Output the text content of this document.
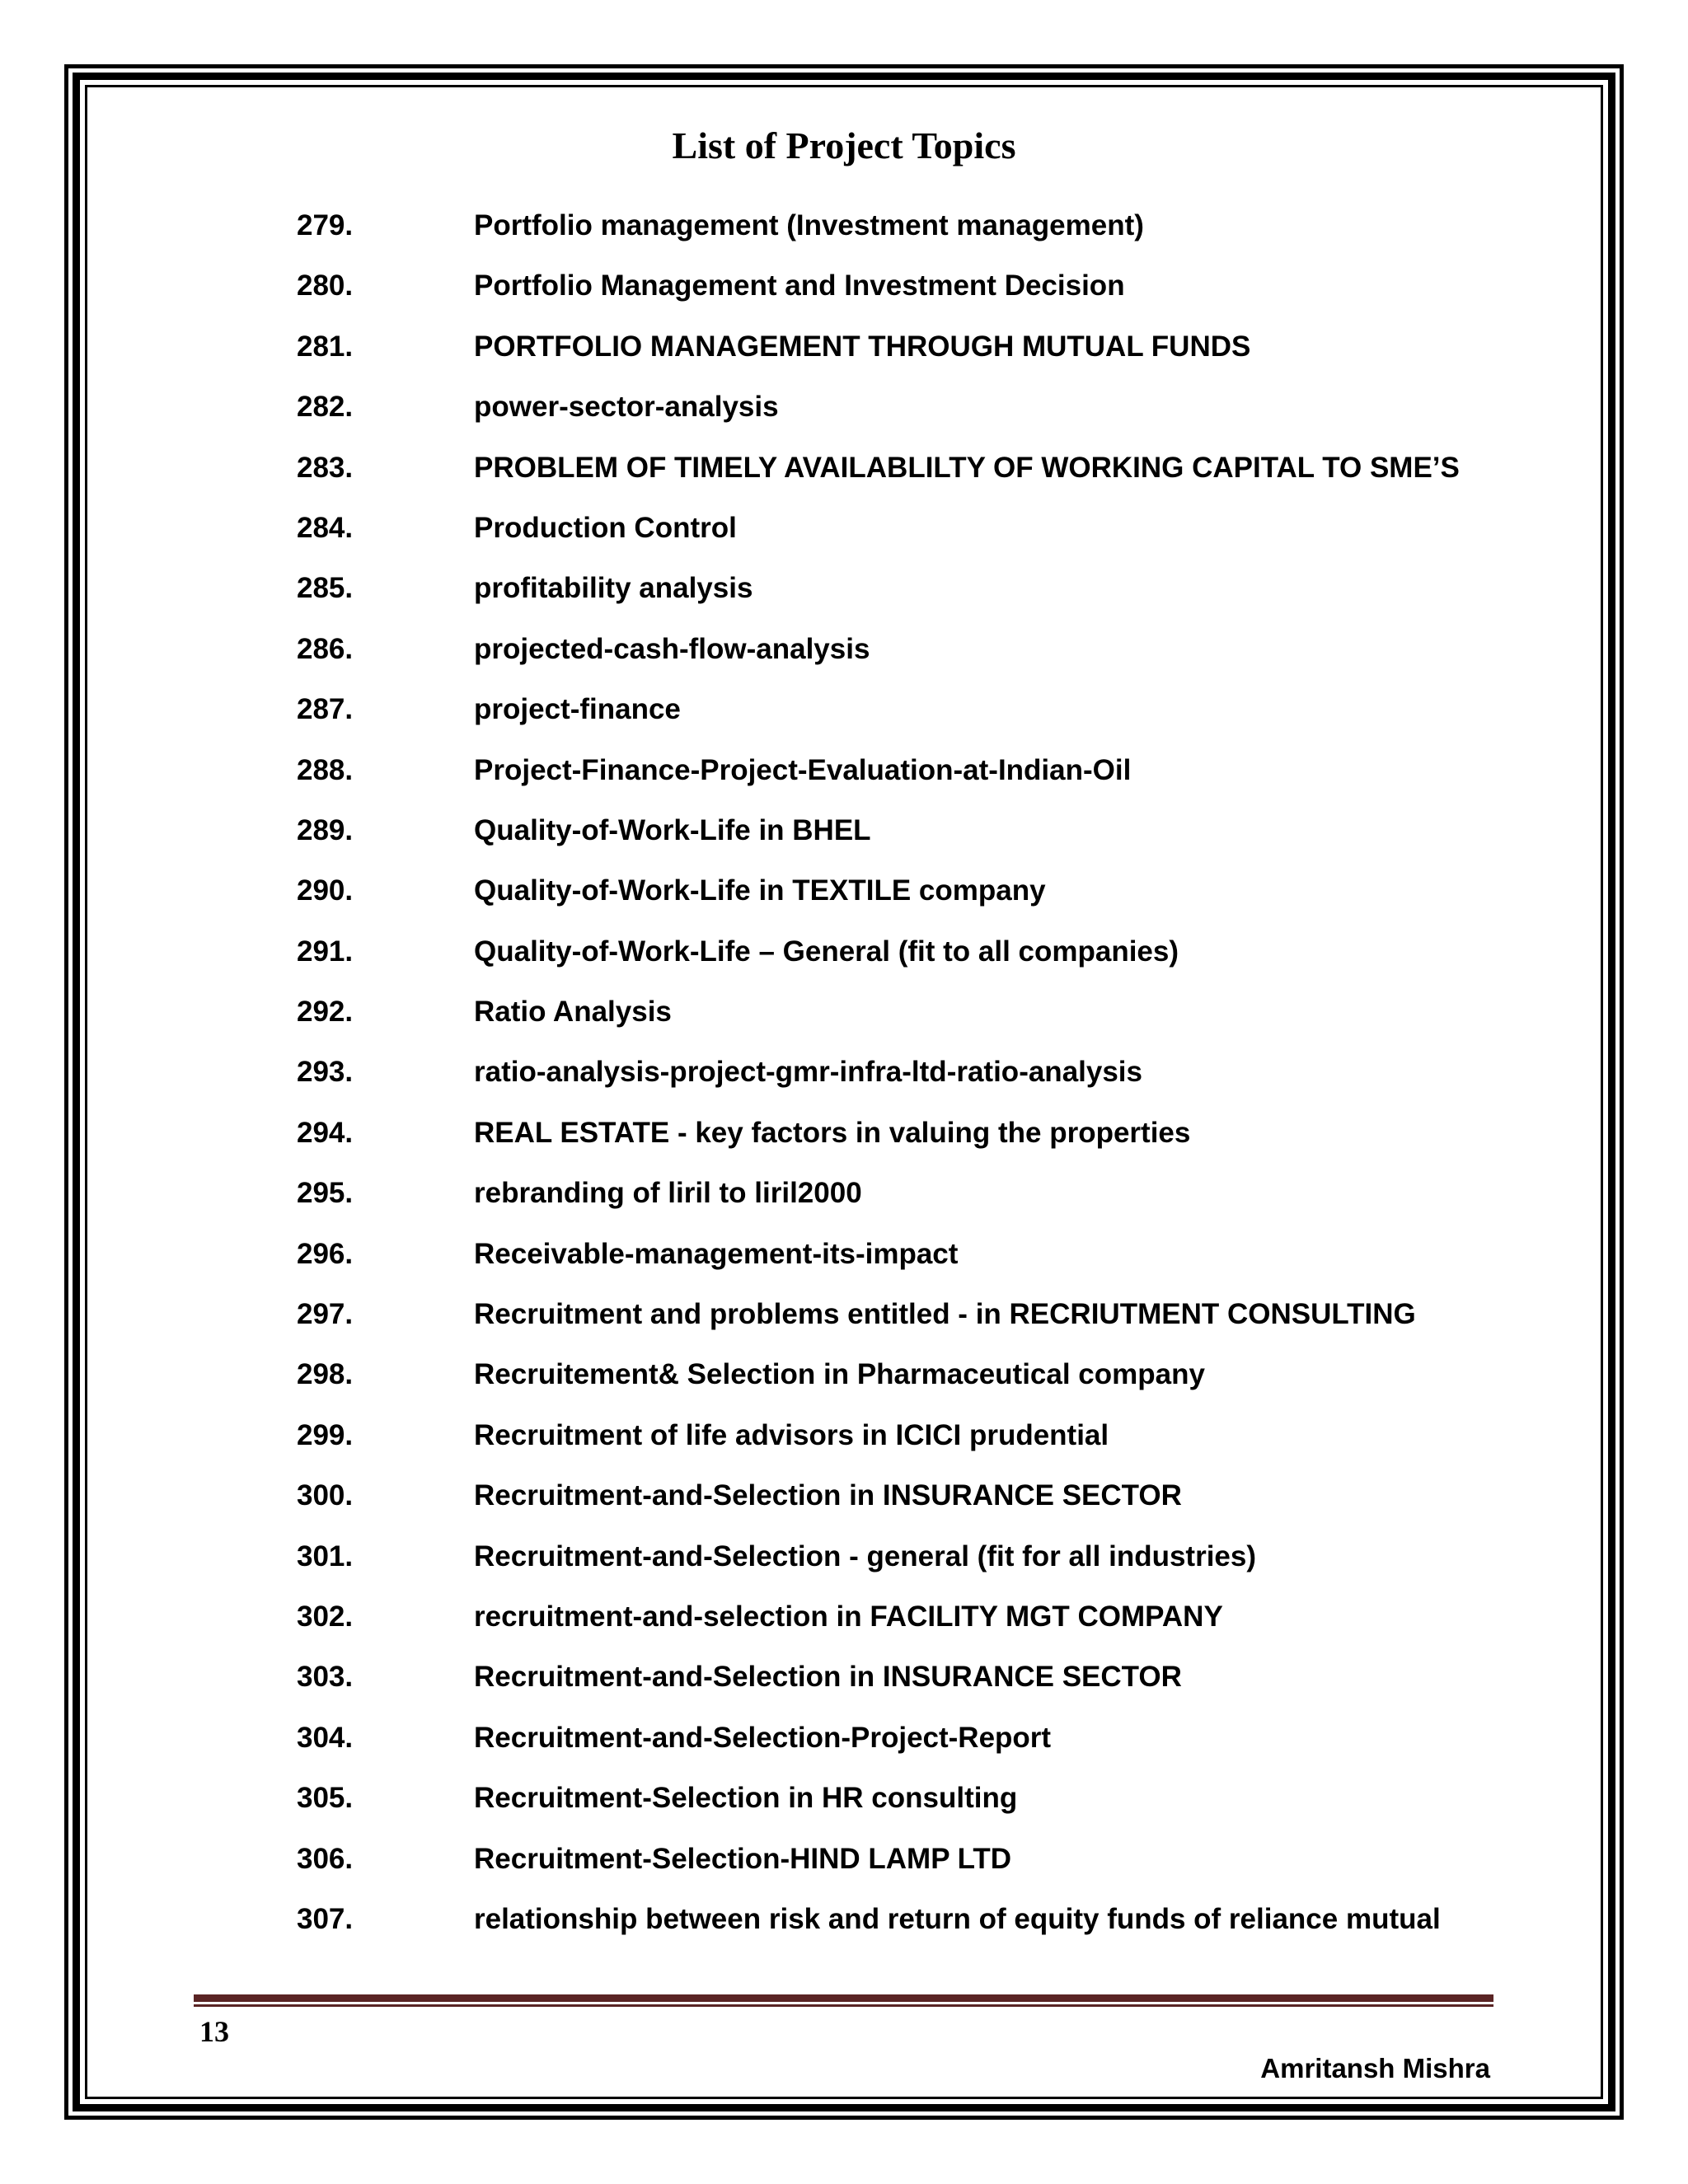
List of Project Topics
279.	Portfolio management (Investment management)
280.	Portfolio Management and Investment Decision
281.	PORTFOLIO MANAGEMENT THROUGH MUTUAL FUNDS
282.	power-sector-analysis
283.	PROBLEM OF TIMELY AVAILABLILTY OF WORKING CAPITAL TO SME’S
284.	Production Control
285.	profitability analysis
286.	projected-cash-flow-analysis
287.	project-finance
288.	Project-Finance-Project-Evaluation-at-Indian-Oil
289.	Quality-of-Work-Life in BHEL
290.	Quality-of-Work-Life in TEXTILE company
291.	Quality-of-Work-Life – General (fit to all companies)
292.	Ratio Analysis
293.	ratio-analysis-project-gmr-infra-ltd-ratio-analysis
294.	REAL ESTATE - key factors in valuing the properties
295.	rebranding of liril to liril2000
296.	Receivable-management-its-impact
297.	Recruitment and problems entitled - in RECRIUTMENT CONSULTING
298.	Recruitement& Selection in Pharmaceutical company
299.	Recruitment of life advisors in ICICI prudential
300.	Recruitment-and-Selection in INSURANCE SECTOR
301.	Recruitment-and-Selection - general (fit for all industries)
302.	recruitment-and-selection in FACILITY MGT COMPANY
303.	Recruitment-and-Selection in INSURANCE SECTOR
304.	Recruitment-and-Selection-Project-Report
305.	Recruitment-Selection in HR consulting
306.	Recruitment-Selection-HIND LAMP LTD
307.	relationship between risk and return of equity funds of reliance mutual
13
Amritansh Mishra
